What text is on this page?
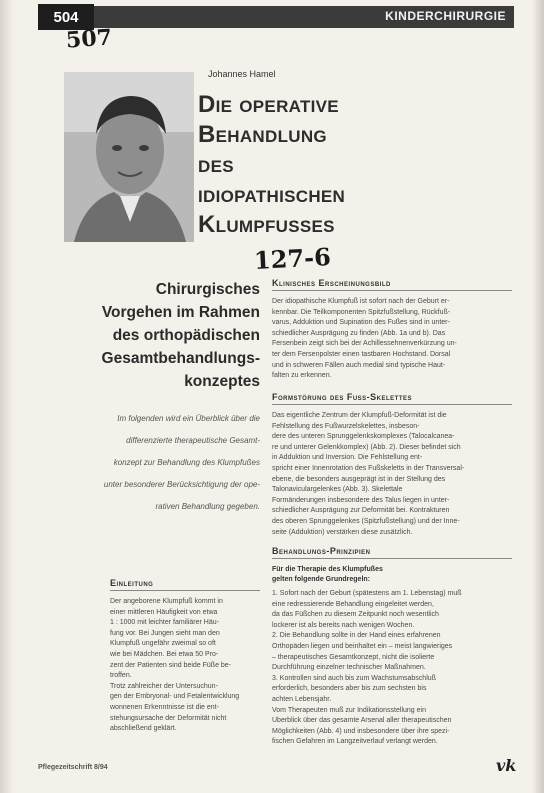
KINDERCHIRURGIE
504
507
Johannes Hamel
Die operative
Behandlung
des
idiopathischen
Klumpfusses
127-6
Chirurgisches
Vorgehen im Rahmen
des orthopädischen
Gesamtbehandlungs-
konzeptes
Im folgenden wird ein Überblick über die
differenzierte therapeutische Gesamt-
konzept zur Behandlung des Klumpfußes
unter besonderer Berücksichtigung der ope-
rativen Behandlung gegeben.
Einleitung
Der angeborene Klumpfuß kommt in
einer mittleren Häufigkeit von etwa
1 : 1000 mit leichter familiärer Häu-
fung vor. Bei Jungen sieht man den
Klumpfuß ungefähr zweimal so oft
wie bei Mädchen. Bei etwa 50 Pro-
zent der Patienten sind beide Füße be-
troffen.
Trotz zahlreicher der Untersuchun-
gen der Embryonal- und Fetalentwicklung
wonnenen Erkenntnisse ist die ent-
stehungsursache der Deformität nicht
abschließend geklärt.
Klinisches Erscheinungsbild
Der idiopathische Klumpfuß ist sofort nach der Geburt er-
kennbar. Die Teilkomponenten Spitzfußstellung, Rückfuß-
varus, Adduktion und Supination des Fußes sind in unter-
schiedlicher Ausprägung zu finden (Abb. 1a und b). Das
Fersenbein zeigt sich bei der Achillessehnenverkürzung un-
ter dem Fersenpolster einen tastbaren Hochstand. Dorsal
und in schweren Fällen auch medial sind typische Haut-
falten zu erkennen.
Formstörung des Fuss-Skelettes
Das eigentliche Zentrum der Klumpfuß-Deformität ist die
Fehlstellung des Fußwurzelskelettes, insbeson-
dere des unteren Sprunggelenkskomplexes (Talocalcanea-
re und unterer Gelenkkomplex) (Abb. 2). Dieser befindet sich
in Adduktion und Inversion. Die Fehlstellung ent-
spricht einer Innenrotation des Fußskeletts in der Transversal-
ebene, die besonders ausgeprägt ist in der Stellung des
Talonaviculargelenkes (Abb. 3). Skelettale
Formänderungen insbesondere des Talus liegen in unter-
schiedlicher Ausprägung zur Deformität bei. Kontrakturen
des oberen Sprunggelenkes (Spitzfußstellung) und der Inne-
seite (Adduktion) verstärken diese zusätzlich.
Behandlungs-Prinzipien
Für die Therapie des Klumpfußes
gelten folgende Grundregeln:
1. Sofort nach der Geburt (spätestens am 1. Lebenstag) muß
eine redressierende Behandlung eingeleitet werden,
da das Füßchen zu diesem Zeitpunkt noch wesentlich
lockerer ist als bereits nach wenigen Wochen.
2. Die Behandlung sollte in der Hand eines erfahrenen
Orthopäden liegen und beinhaltet ein – meist langwieriges
– therapeutisches Gesamtkonzept, nicht die isolierte
Durchführung einzelner technischer Maßnahmen.
3. Kontrollen sind auch bis zum Wachstumsabschluß
erforderlich, besonders aber bis zum sechsten bis
achten Lebensjahr.
Vom Therapeuten muß zur Indikationsstellung ein
Überblick über das gesamte Arsenal aller therapeutischen
Möglichkeiten (Abb. 4) und insbesondere über ihre spezi-
fischen Gefahren im Langzeitverlauf verlangt werden.
Pflegezeitschrift 8/94	vk
